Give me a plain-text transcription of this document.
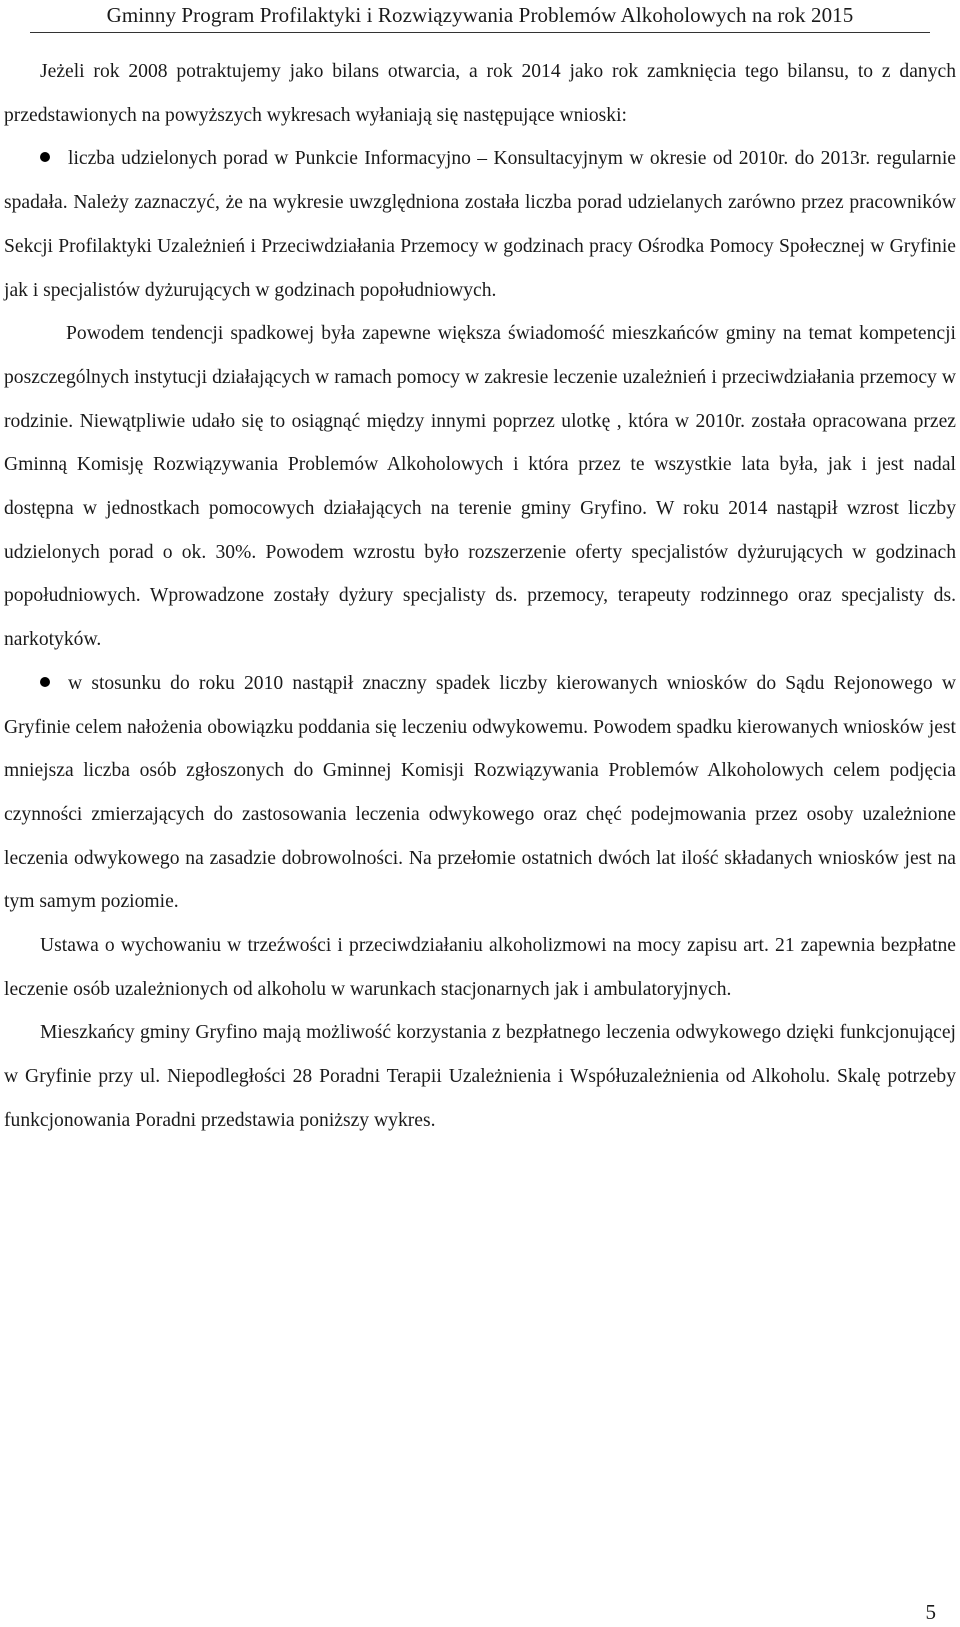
Gminny Program Profilaktyki i Rozwiązywania Problemów Alkoholowych na rok 2015

Jeżeli rok 2008 potraktujemy jako bilans otwarcia, a rok 2014 jako rok zamknięcia tego bilansu, to z danych przedstawionych na powyższych wykresach wyłaniają się następujące wnioski:

liczba udzielonych porad w Punkcie Informacyjno – Konsultacyjnym w okresie od 2010r. do 2013r. regularnie spadała. Należy zaznaczyć, że na wykresie uwzględniona została liczba porad udzielanych zarówno przez pracowników Sekcji Profilaktyki Uzależnień i Przeciwdziałania Przemocy w godzinach pracy Ośrodka Pomocy Społecznej w Gryfinie jak i specjalistów dyżurujących w godzinach popołudniowych.

Powodem tendencji spadkowej była zapewne większa świadomość mieszkańców gminy na temat kompetencji poszczególnych instytucji działających w ramach pomocy w zakresie leczenie uzależnień i przeciwdziałania przemocy w rodzinie. Niewątpliwie udało się to osiągnąć między innymi poprzez ulotkę , która w 2010r. została opracowana przez Gminną Komisję Rozwiązywania Problemów Alkoholowych i która przez te wszystkie lata była, jak i jest nadal dostępna w jednostkach pomocowych działających na terenie gminy Gryfino. W roku 2014 nastąpił wzrost liczby udzielonych porad o ok. 30%. Powodem wzrostu było rozszerzenie oferty specjalistów dyżurujących w godzinach popołudniowych. Wprowadzone zostały dyżury specjalisty ds. przemocy, terapeuty rodzinnego oraz specjalisty ds. narkotyków.

w stosunku do roku 2010 nastąpił znaczny spadek liczby kierowanych wniosków do Sądu Rejonowego w Gryfinie celem nałożenia obowiązku poddania się leczeniu odwykowemu. Powodem spadku kierowanych wniosków jest mniejsza liczba osób zgłoszonych do Gminnej Komisji Rozwiązywania Problemów Alkoholowych celem podjęcia czynności zmierzających do zastosowania leczenia odwykowego oraz chęć podejmowania przez osoby uzależnione leczenia odwykowego na zasadzie dobrowolności. Na przełomie ostatnich dwóch lat ilość składanych wniosków jest na tym samym poziomie.

Ustawa o wychowaniu w trzeźwości i przeciwdziałaniu alkoholizmowi na mocy zapisu art. 21 zapewnia bezpłatne leczenie osób uzależnionych od alkoholu w warunkach stacjonarnych jak i ambulatoryjnych.

Mieszkańcy gminy Gryfino mają możliwość korzystania z bezpłatnego leczenia odwykowego dzięki funkcjonującej w Gryfinie przy ul. Niepodległości 28 Poradni Terapii Uzależnienia i Współuzależnienia od Alkoholu. Skalę potrzeby funkcjonowania Poradni przedstawia poniższy wykres.

5
